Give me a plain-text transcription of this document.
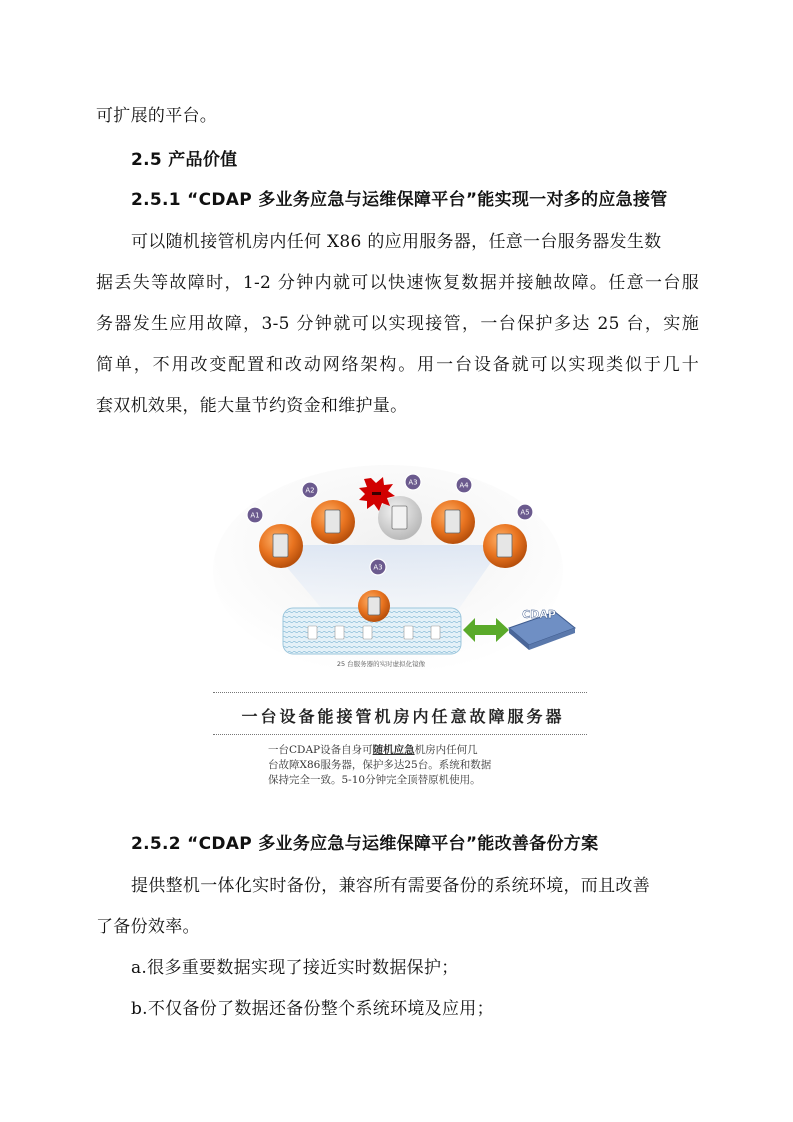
可扩展的平台。
2.5 产品价值
2.5.1 “CDAP 多业务应急与运维保障平台”能实现一对多的应急接管
可以随机接管机房内任何 X86 的应用服务器，任意一台服务器发生数
据丢失等故障时，1-2 分钟内就可以快速恢复数据并接触故障。任意一台服
务器发生应用故障，3-5 分钟就可以实现接管，一台保护多达 25 台，实施
简单，不用改变配置和改动网络架构。用一台设备就可以实现类似于几十
套双机效果，能大量节约资金和维护量。
A1
A2
A3	A4
A5
A3
CDAP
25 台服务器的实时虚拟化镜像
一台设备能接管机房内任意故障服务器
一台CDAP设备自身可随机应急机房内任何几
台故障X86服务器，保护多达25台。系统和数据
保持完全一致。5-10分钟完全顶替原机使用。
2.5.2 “CDAP 多业务应急与运维保障平台”能改善备份方案
提供整机一体化实时备份，兼容所有需要备份的系统环境，而且改善
了备份效率。
a.很多重要数据实现了接近实时数据保护；
b.不仅备份了数据还备份整个系统环境及应用；
